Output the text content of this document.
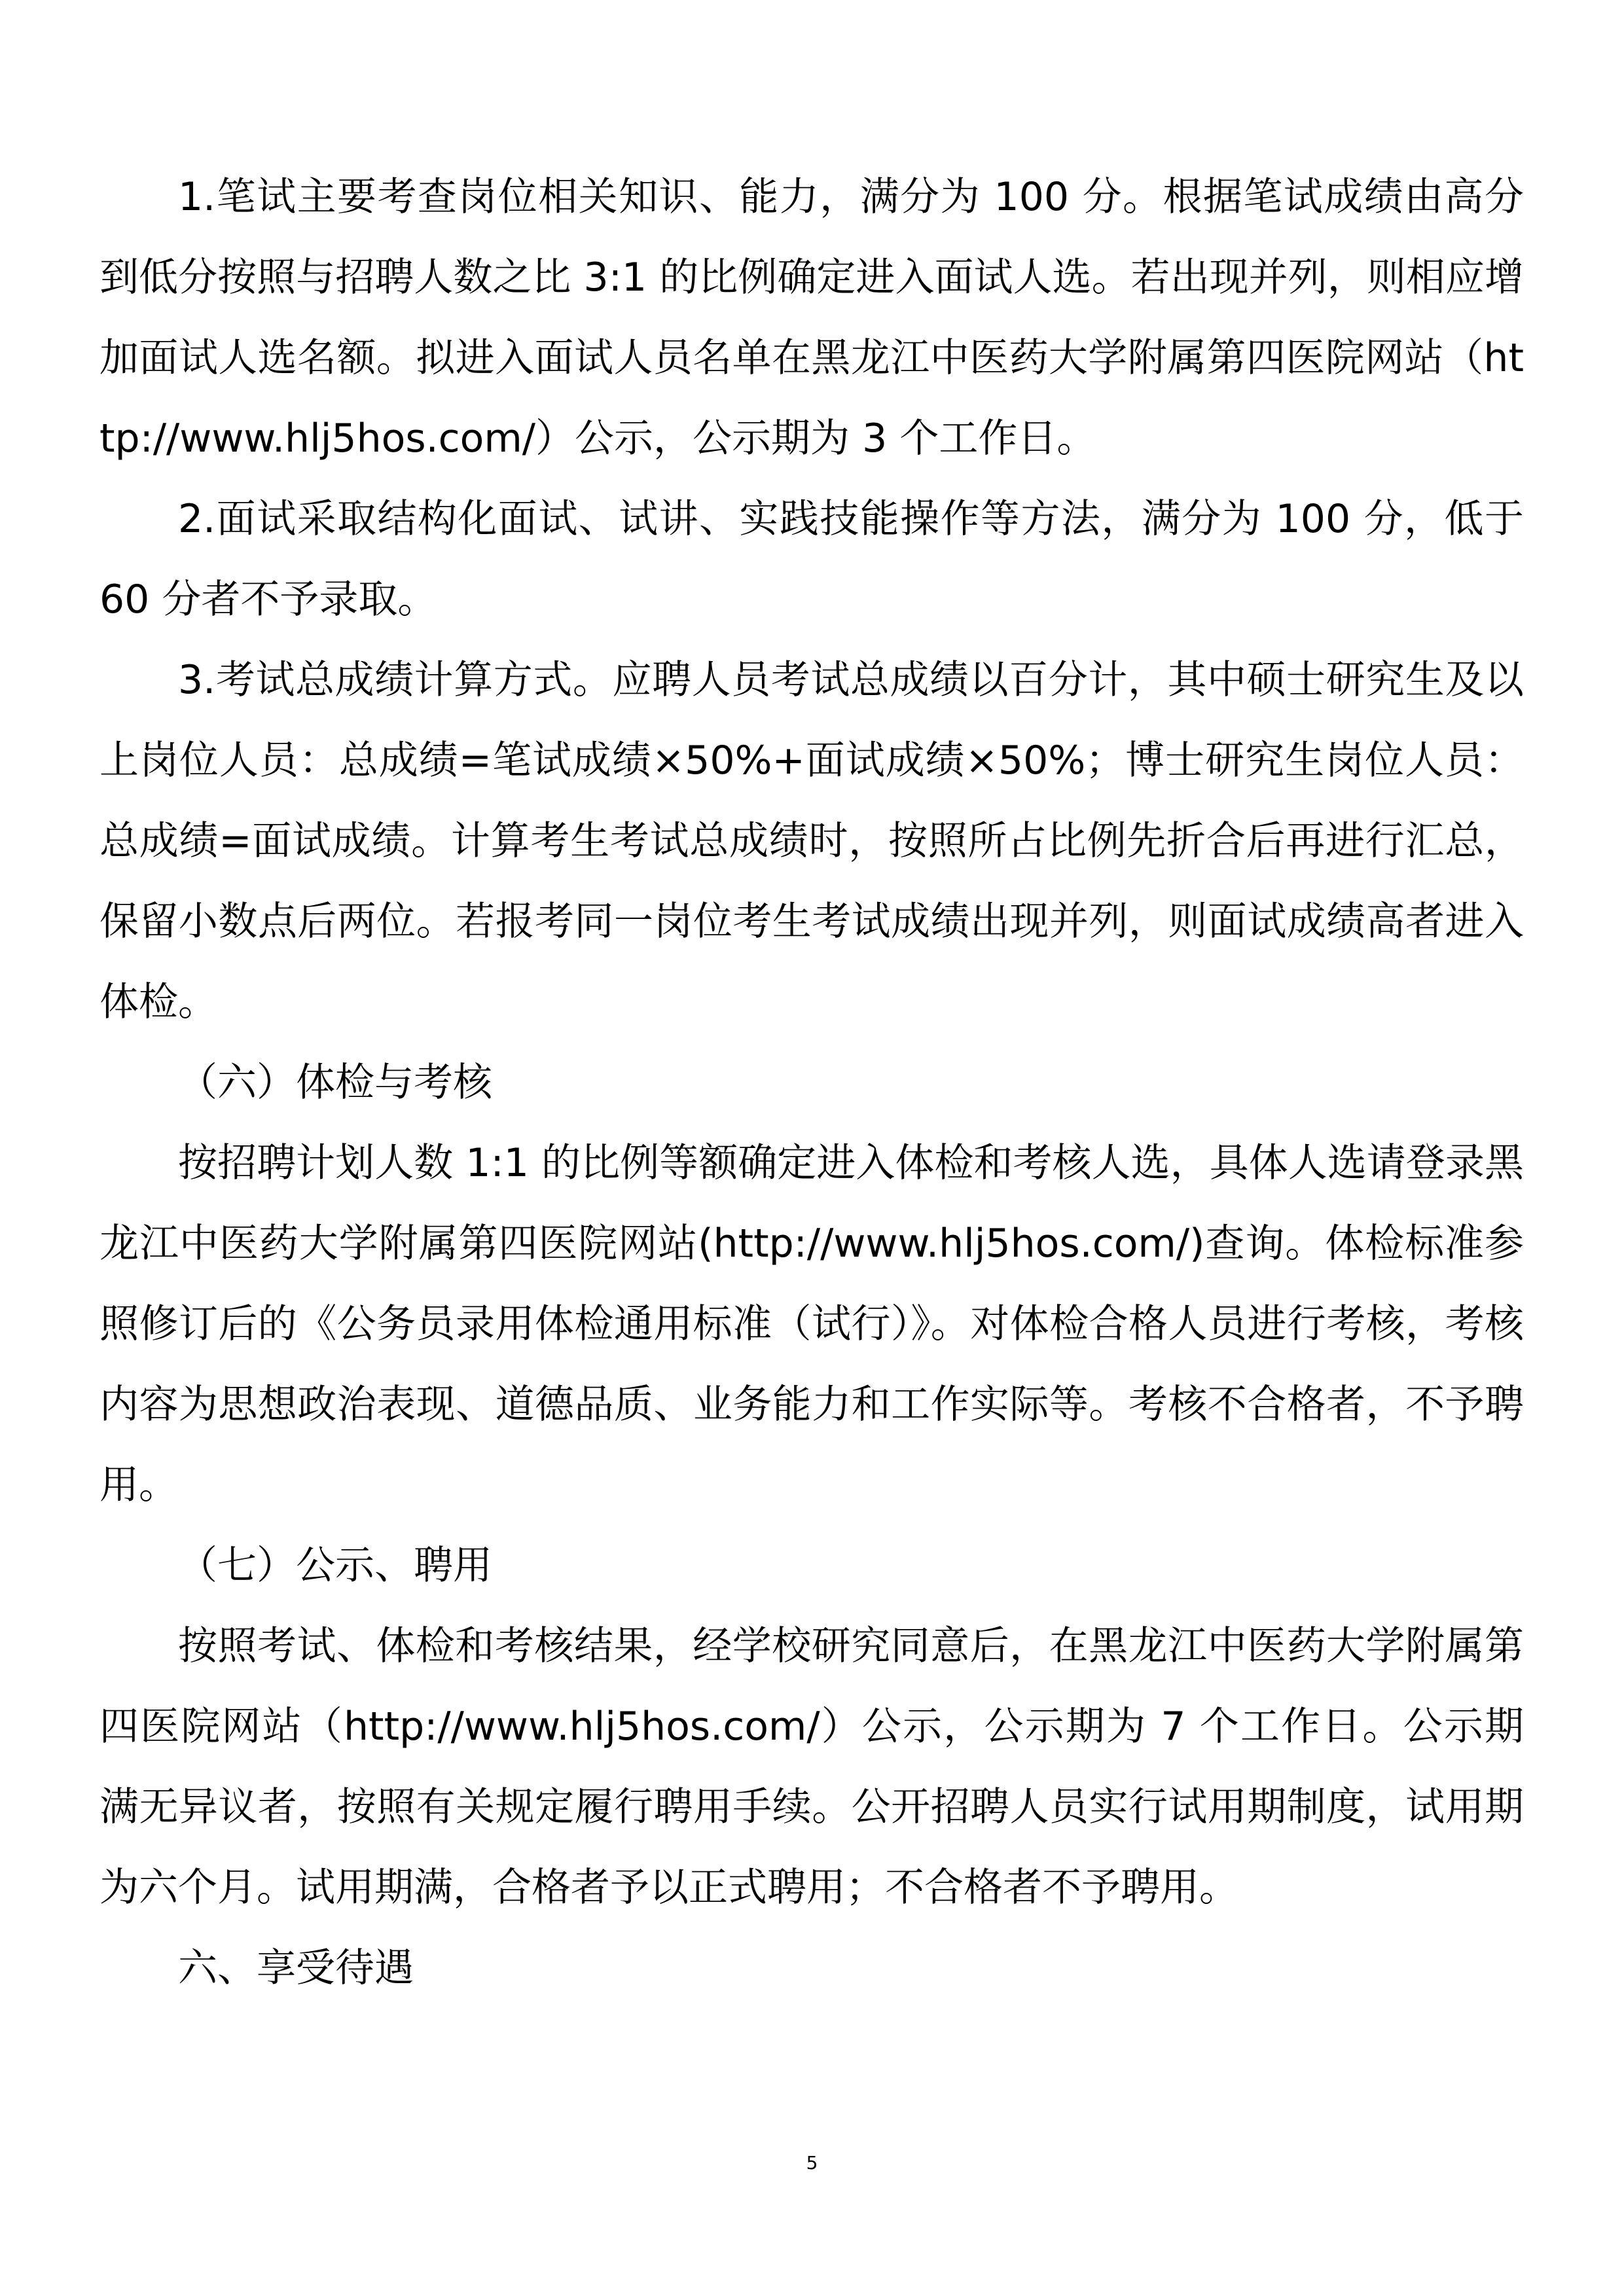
1.笔试主要考查岗位相关知识、能力，满分为 100 分。根据笔试成绩由高分到低分按照与招聘人数之比 3:1 的比例确定进入面试人选。若出现并列，则相应增加面试人选名额。拟进入面试人员名单在黑龙江中医药大学附属第四医院网站（http://www.hlj5hos.com/）公示，公示期为 3 个工作日。

2.面试采取结构化面试、试讲、实践技能操作等方法，满分为 100 分，低于 60 分者不予录取。

3.考试总成绩计算方式。应聘人员考试总成绩以百分计，其中硕士研究生及以上岗位人员：总成绩=笔试成绩×50%+面试成绩×50%；博士研究生岗位人员：总成绩=面试成绩。计算考生考试总成绩时，按照所占比例先折合后再进行汇总，保留小数点后两位。若报考同一岗位考生考试成绩出现并列，则面试成绩高者进入体检。

（六）体检与考核

按招聘计划人数 1:1 的比例等额确定进入体检和考核人选，具体人选请登录黑龙江中医药大学附属第四医院网站(http://www.hlj5hos.com/)查询。体检标准参照修订后的《公务员录用体检通用标准（试行）》。对体检合格人员进行考核，考核内容为思想政治表现、道德品质、业务能力和工作实际等。考核不合格者，不予聘用。

（七）公示、聘用

按照考试、体检和考核结果，经学校研究同意后，在黑龙江中医药大学附属第四医院网站（http://www.hlj5hos.com/）公示，公示期为 7 个工作日。公示期满无异议者，按照有关规定履行聘用手续。公开招聘人员实行试用期制度，试用期为六个月。试用期满，合格者予以正式聘用；不合格者不予聘用。

六、享受待遇

5
